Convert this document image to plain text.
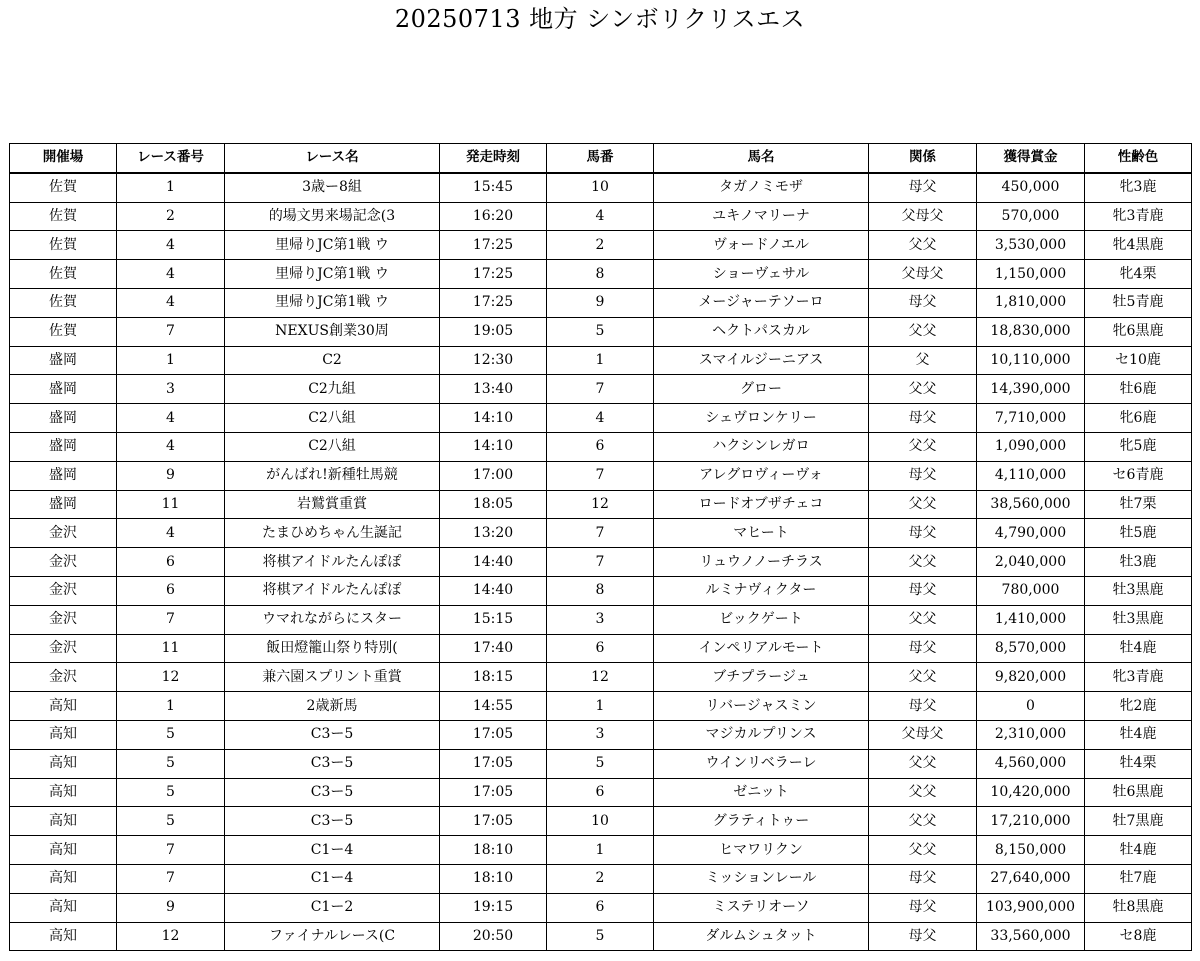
20250713 地方 シンボリクリスエス
開催場	レース番号	レース名	発走時刻	馬番	馬名	関係	獲得賞金	性齢色
佐賀	1	3歳ー8組	15:45	10	タガノミモザ	母父	450,000	牝3鹿
佐賀	2	的場文男来場記念(3	16:20	4	ユキノマリーナ	父母父	570,000	牝3青鹿
佐賀	4	里帰りJC第1戦 ウ	17:25	2	ヴォードノエル	父父	3,530,000	牝4黒鹿
佐賀	4	里帰りJC第1戦 ウ	17:25	8	ショーヴェサル	父母父	1,150,000	牝4栗
佐賀	4	里帰りJC第1戦 ウ	17:25	9	メージャーテソーロ	母父	1,810,000	牡5青鹿
佐賀	7	NEXUS創業30周	19:05	5	ヘクトパスカル	父父	18,830,000	牝6黒鹿
盛岡	1	C2	12:30	1	スマイルジーニアス	父	10,110,000	セ10鹿
盛岡	3	C2九組	13:40	7	グロー	父父	14,390,000	牡6鹿
盛岡	4	C2八組	14:10	4	シェヴロンケリー	母父	7,710,000	牝6鹿
盛岡	4	C2八組	14:10	6	ハクシンレガロ	父父	1,090,000	牝5鹿
盛岡	9	がんばれ!新種牡馬競	17:00	7	アレグロヴィーヴォ	母父	4,110,000	セ6青鹿
盛岡	11	岩鷲賞重賞	18:05	12	ロードオブザチェコ	父父	38,560,000	牡7栗
金沢	4	たまひめちゃん生誕記	13:20	7	マヒート	母父	4,790,000	牡5鹿
金沢	6	将棋アイドルたんぽぽ	14:40	7	リュウノノーチラス	父父	2,040,000	牡3鹿
金沢	6	将棋アイドルたんぽぽ	14:40	8	ルミナヴィクター	母父	780,000	牡3黒鹿
金沢	7	ウマれながらにスター	15:15	3	ビックゲート	父父	1,410,000	牡3黒鹿
金沢	11	飯田燈籠山祭り特別(	17:40	6	インペリアルモート	母父	8,570,000	牡4鹿
金沢	12	兼六園スプリント重賞	18:15	12	ブチプラージュ	父父	9,820,000	牝3青鹿
高知	1	2歳新馬	14:55	1	リバージャスミン	母父	0	牝2鹿
高知	5	C3ー5	17:05	3	マジカルプリンス	父母父	2,310,000	牡4鹿
高知	5	C3ー5	17:05	5	ウインリベラーレ	父父	4,560,000	牡4栗
高知	5	C3ー5	17:05	6	ゼニット	父父	10,420,000	牡6黒鹿
高知	5	C3ー5	17:05	10	グラティトゥー	父父	17,210,000	牡7黒鹿
高知	7	C1ー4	18:10	1	ヒマワリクン	父父	8,150,000	牡4鹿
高知	7	C1ー4	18:10	2	ミッションレール	母父	27,640,000	牡7鹿
高知	9	C1ー2	19:15	6	ミステリオーソ	母父	103,900,000	牡8黒鹿
高知	12	ファイナルレース(C	20:50	5	ダルムシュタット	母父	33,560,000	セ8鹿
